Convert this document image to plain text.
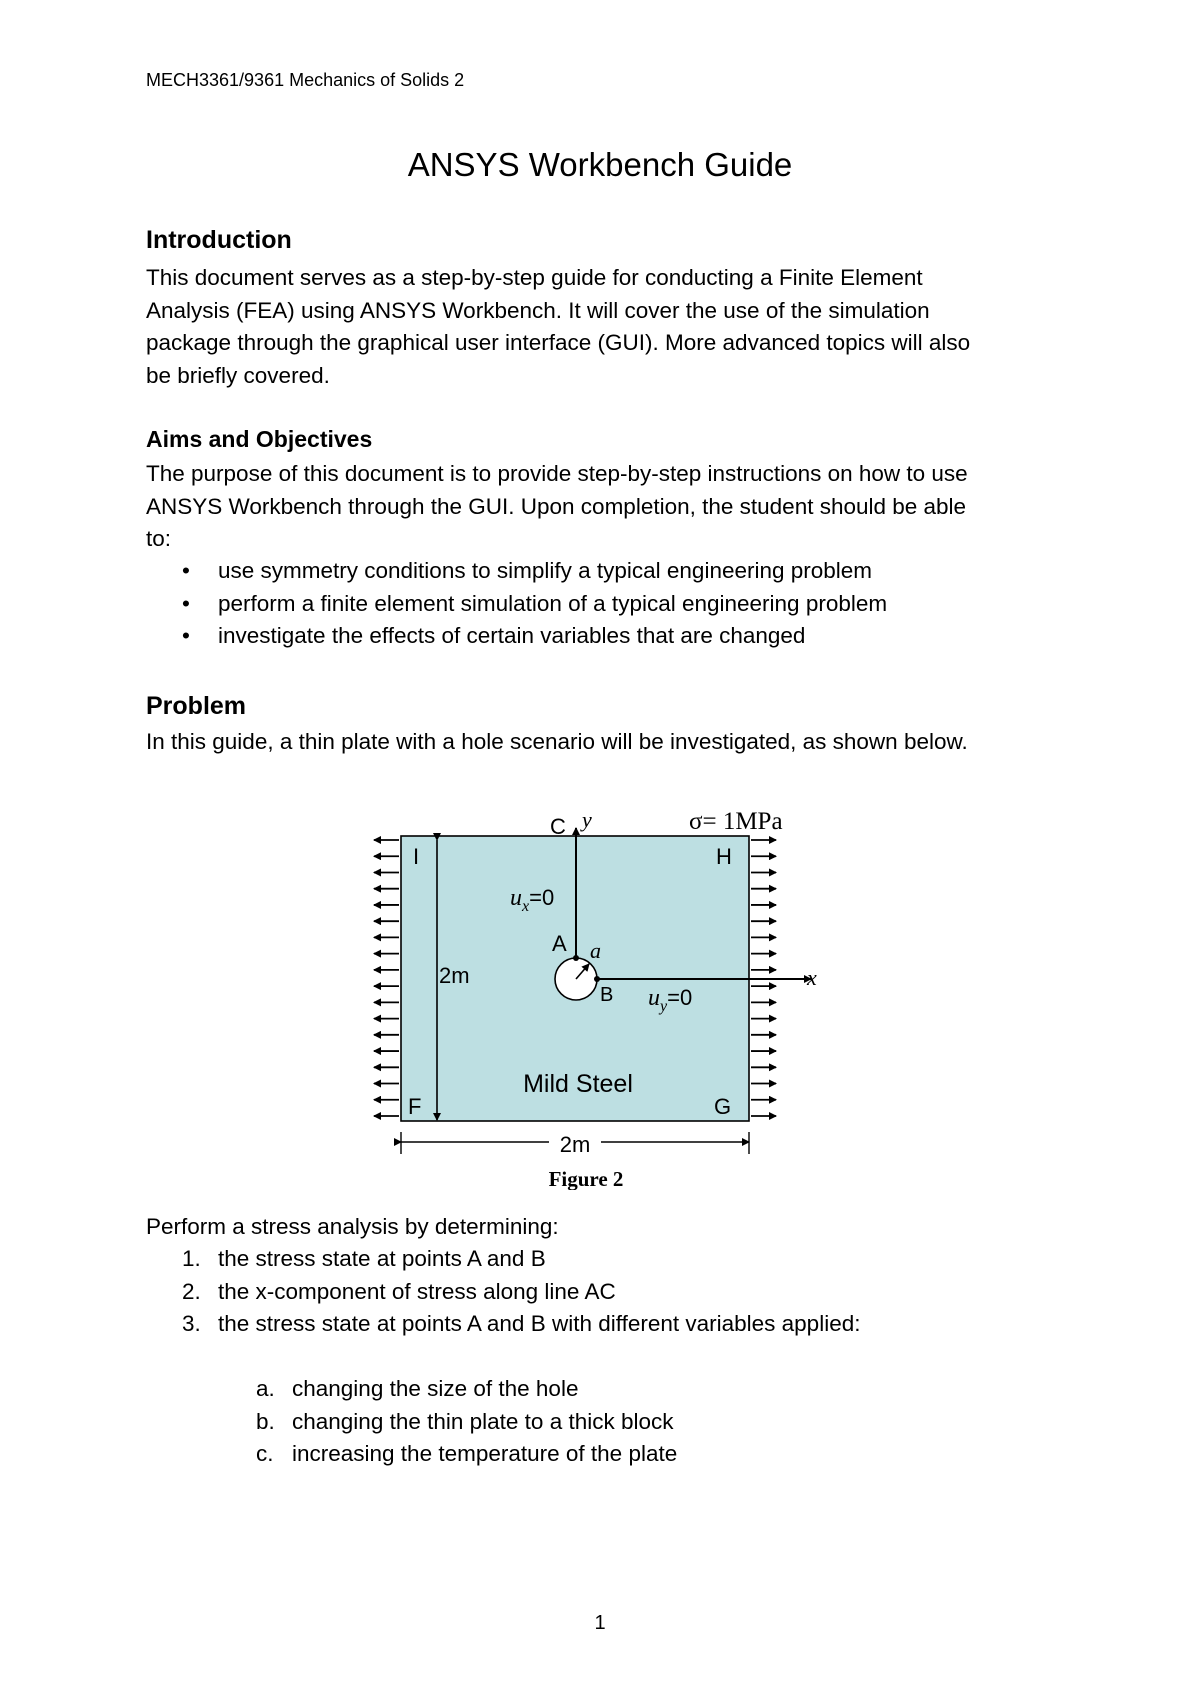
MECH3361/9361 Mechanics of Solids 2
ANSYS Workbench Guide
Introduction

This document serves as a step-by-step guide for conducting a Finite Element
Analysis (FEA) using ANSYS Workbench. It will cover the use of the simulation
package through the graphical user interface (GUI). More advanced topics will also
be briefly covered.

Aims and Objectives

The purpose of this document is to provide step-by-step instructions on how to use
ANSYS Workbench through the GUI. Upon completion, the student should be able
to:

• use symmetry conditions to simplify a typical engineering problem
• perform a finite element simulation of a typical engineering problem
• investigate the effects of certain variables that are changed
Problem

In this guide, a thin plate with a hole scenario will be investigated, as shown below.

C
I	H
F	G
A
B
2m
2m
Mild Steel
y
x
σ= 1MPa
a
$u_x=0$
$u_y=0$
Figure 2

Perform a stress analysis by determining:

1. the stress state at points A and B
2. the x-component of stress along line AC
3. the stress state at points A and B with different variables applied:
a. changing the size of the hole
b. changing the thin plate to a thick block
c. increasing the temperature of the plate
1
